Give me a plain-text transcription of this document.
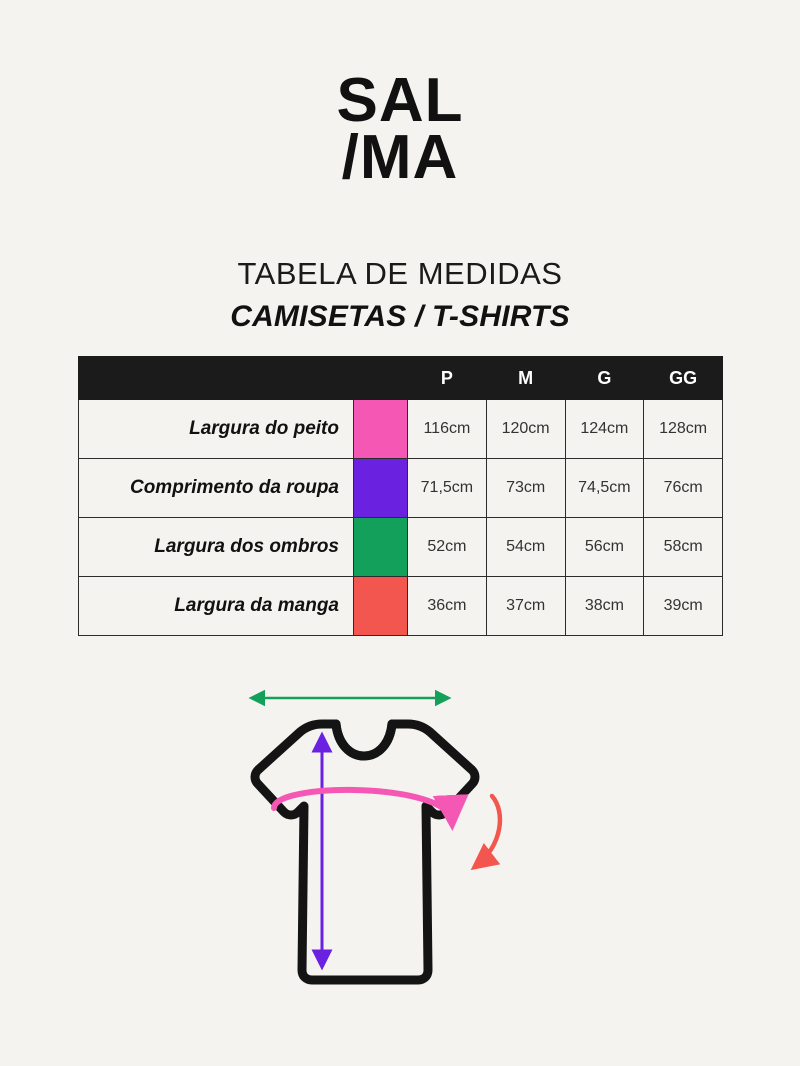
SAL
/MA
TABELA DE MEDIDAS
CAMISETAS / T-SHIRTS
		P	M	G	GG
Largura do peito		116cm	120cm	124cm	128cm
Comprimento da roupa		71,5cm	73cm	74,5cm	76cm
Largura dos ombros		52cm	54cm	56cm	58cm
Largura da manga		36cm	37cm	38cm	39cm
